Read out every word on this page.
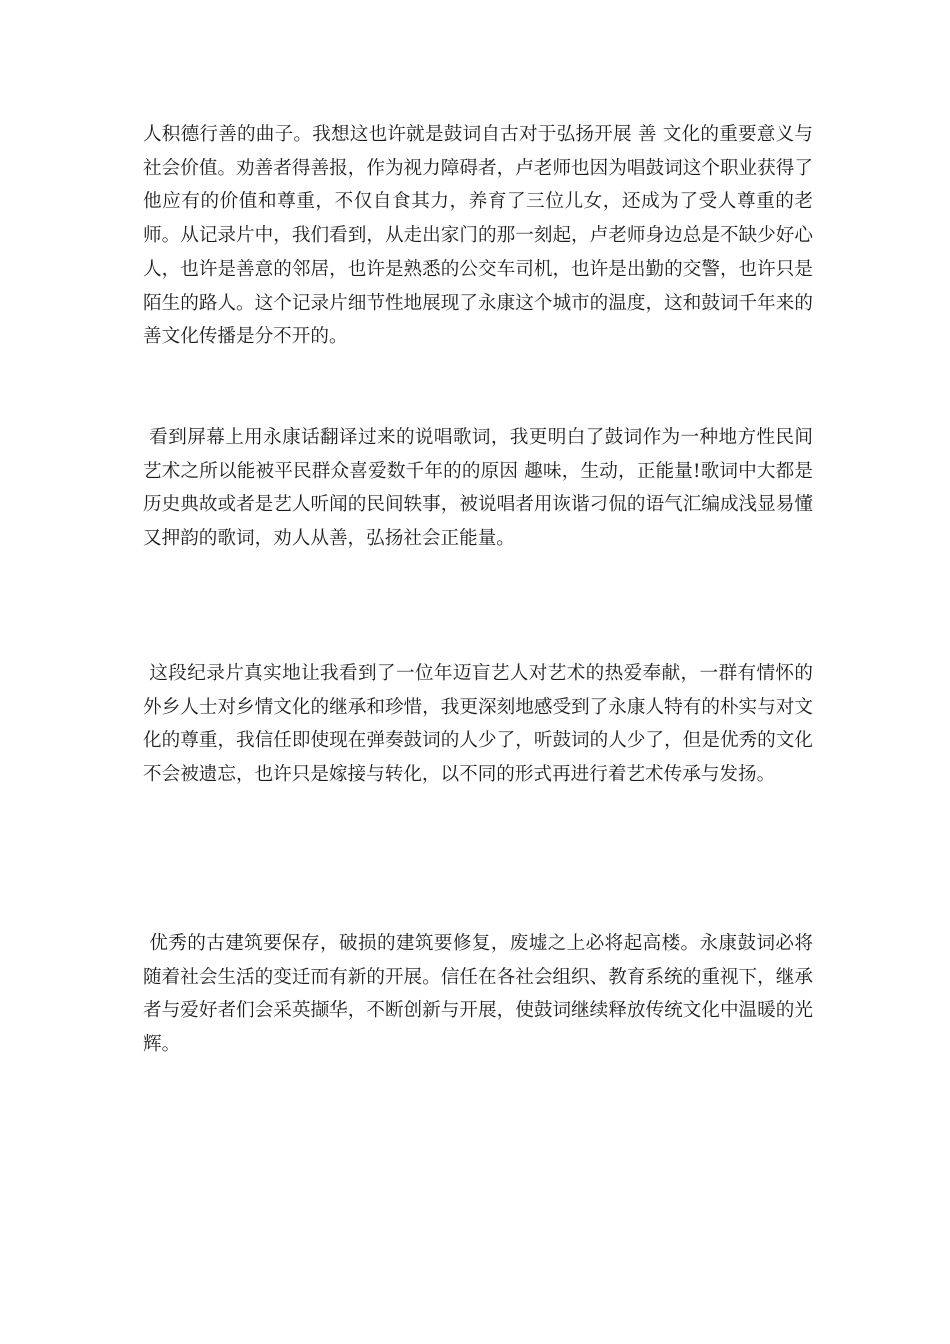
人积德行善的曲子。我想这也许就是鼓词自古对于弘扬开展 善 文化的重要意义与社会价值。劝善者得善报，作为视力障碍者，卢老师也因为唱鼓词这个职业获得了他应有的价值和尊重，不仅自食其力，养育了三位儿女，还成为了受人尊重的老师。从记录片中，我们看到，从走出家门的那一刻起，卢老师身边总是不缺少好心人，也许是善意的邻居，也许是熟悉的公交车司机，也许是出勤的交警，也许只是陌生的路人。这个记录片细节性地展现了永康这个城市的温度，这和鼓词千年来的善文化传播是分不开的。

看到屏幕上用永康话翻译过来的说唱歌词，我更明白了鼓词作为一种地方性民间艺术之所以能被平民群众喜爱数千年的的原因 趣味，生动，正能量!歌词中大都是历史典故或者是艺人听闻的民间轶事，被说唱者用诙谐刁侃的语气汇编成浅显易懂又押韵的歌词，劝人从善，弘扬社会正能量。

这段纪录片真实地让我看到了一位年迈盲艺人对艺术的热爱奉献，一群有情怀的外乡人士对乡情文化的继承和珍惜，我更深刻地感受到了永康人特有的朴实与对文化的尊重，我信任即使现在弹奏鼓词的人少了，听鼓词的人少了，但是优秀的文化不会被遗忘，也许只是嫁接与转化，以不同的形式再进行着艺术传承与发扬。

优秀的古建筑要保存，破损的建筑要修复，废墟之上必将起高楼。永康鼓词必将随着社会生活的变迁而有新的开展。信任在各社会组织、教育系统的重视下，继承者与爱好者们会采英撷华，不断创新与开展，使鼓词继续释放传统文化中温暖的光辉。
